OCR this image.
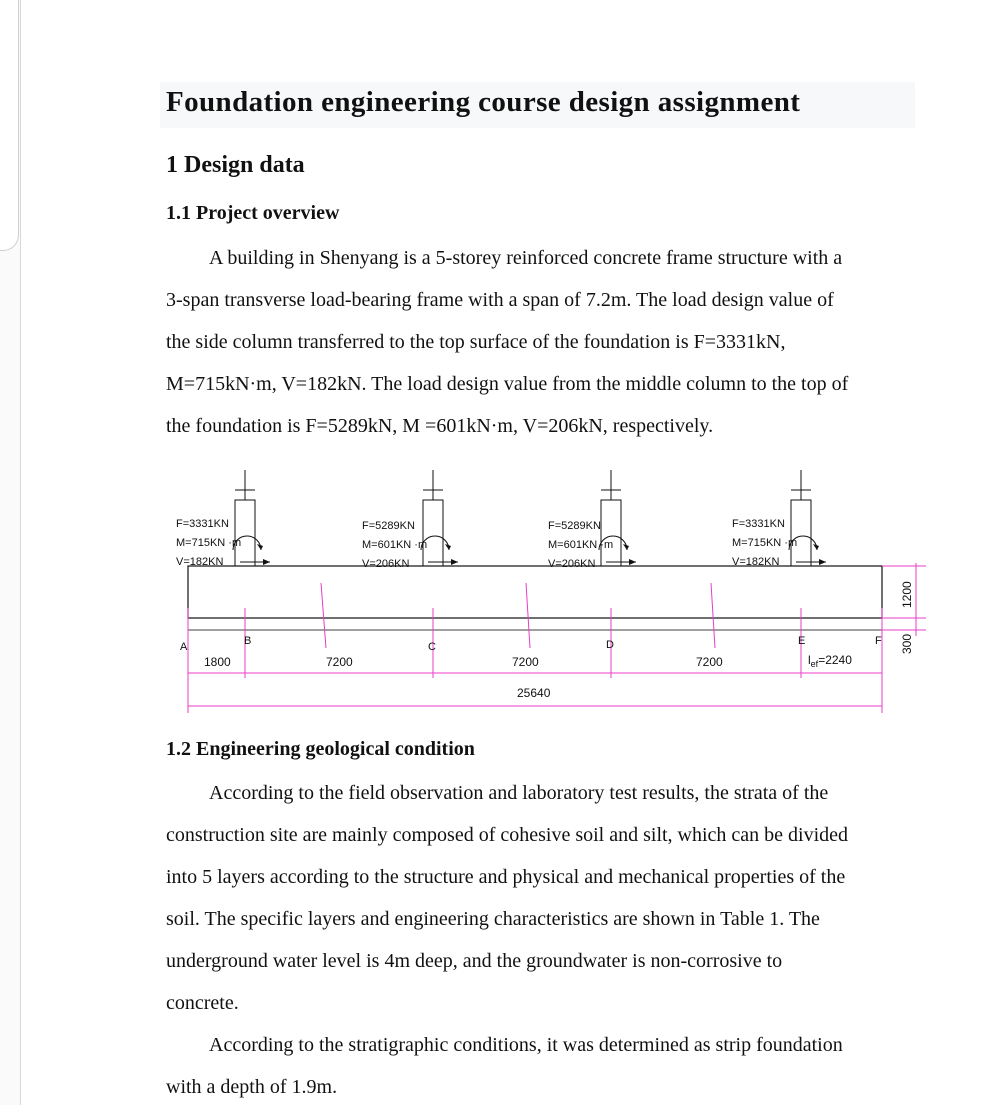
Foundation engineering course design assignment
1 Design data
1.1 Project overview

A building in Shenyang is a 5-storey reinforced concrete frame structure with a
3-span transverse load-bearing frame with a span of 7.2m. The load design value of
the side column transferred to the top surface of the foundation is F=3331kN,
M=715kN·m, V=182kN. The load design value from the middle column to the top of
the foundation is F=5289kN, M =601kN·m, V=206kN, respectively.

F=3331KN
M=715KN ·m
V=182KN
F=5289KN
M=601KN ·m
V=206KN
F=5289KN
M=601KN ·m
V=206KN
F=3331KN
M=715KN ·m
V=182KN
A	B	C	D	E	F
1800	7200	7200	7200	$l_{ef}=2240$
25640
1200
300
1.2 Engineering geological condition

According to the field observation and laboratory test results, the strata of the
construction site are mainly composed of cohesive soil and silt, which can be divided
into 5 layers according to the structure and physical and mechanical properties of the
soil. The specific layers and engineering characteristics are shown in Table 1. The
underground water level is 4m deep, and the groundwater is non-corrosive to
concrete.

According to the stratigraphic conditions, it was determined as strip foundation
with a depth of 1.9m.
